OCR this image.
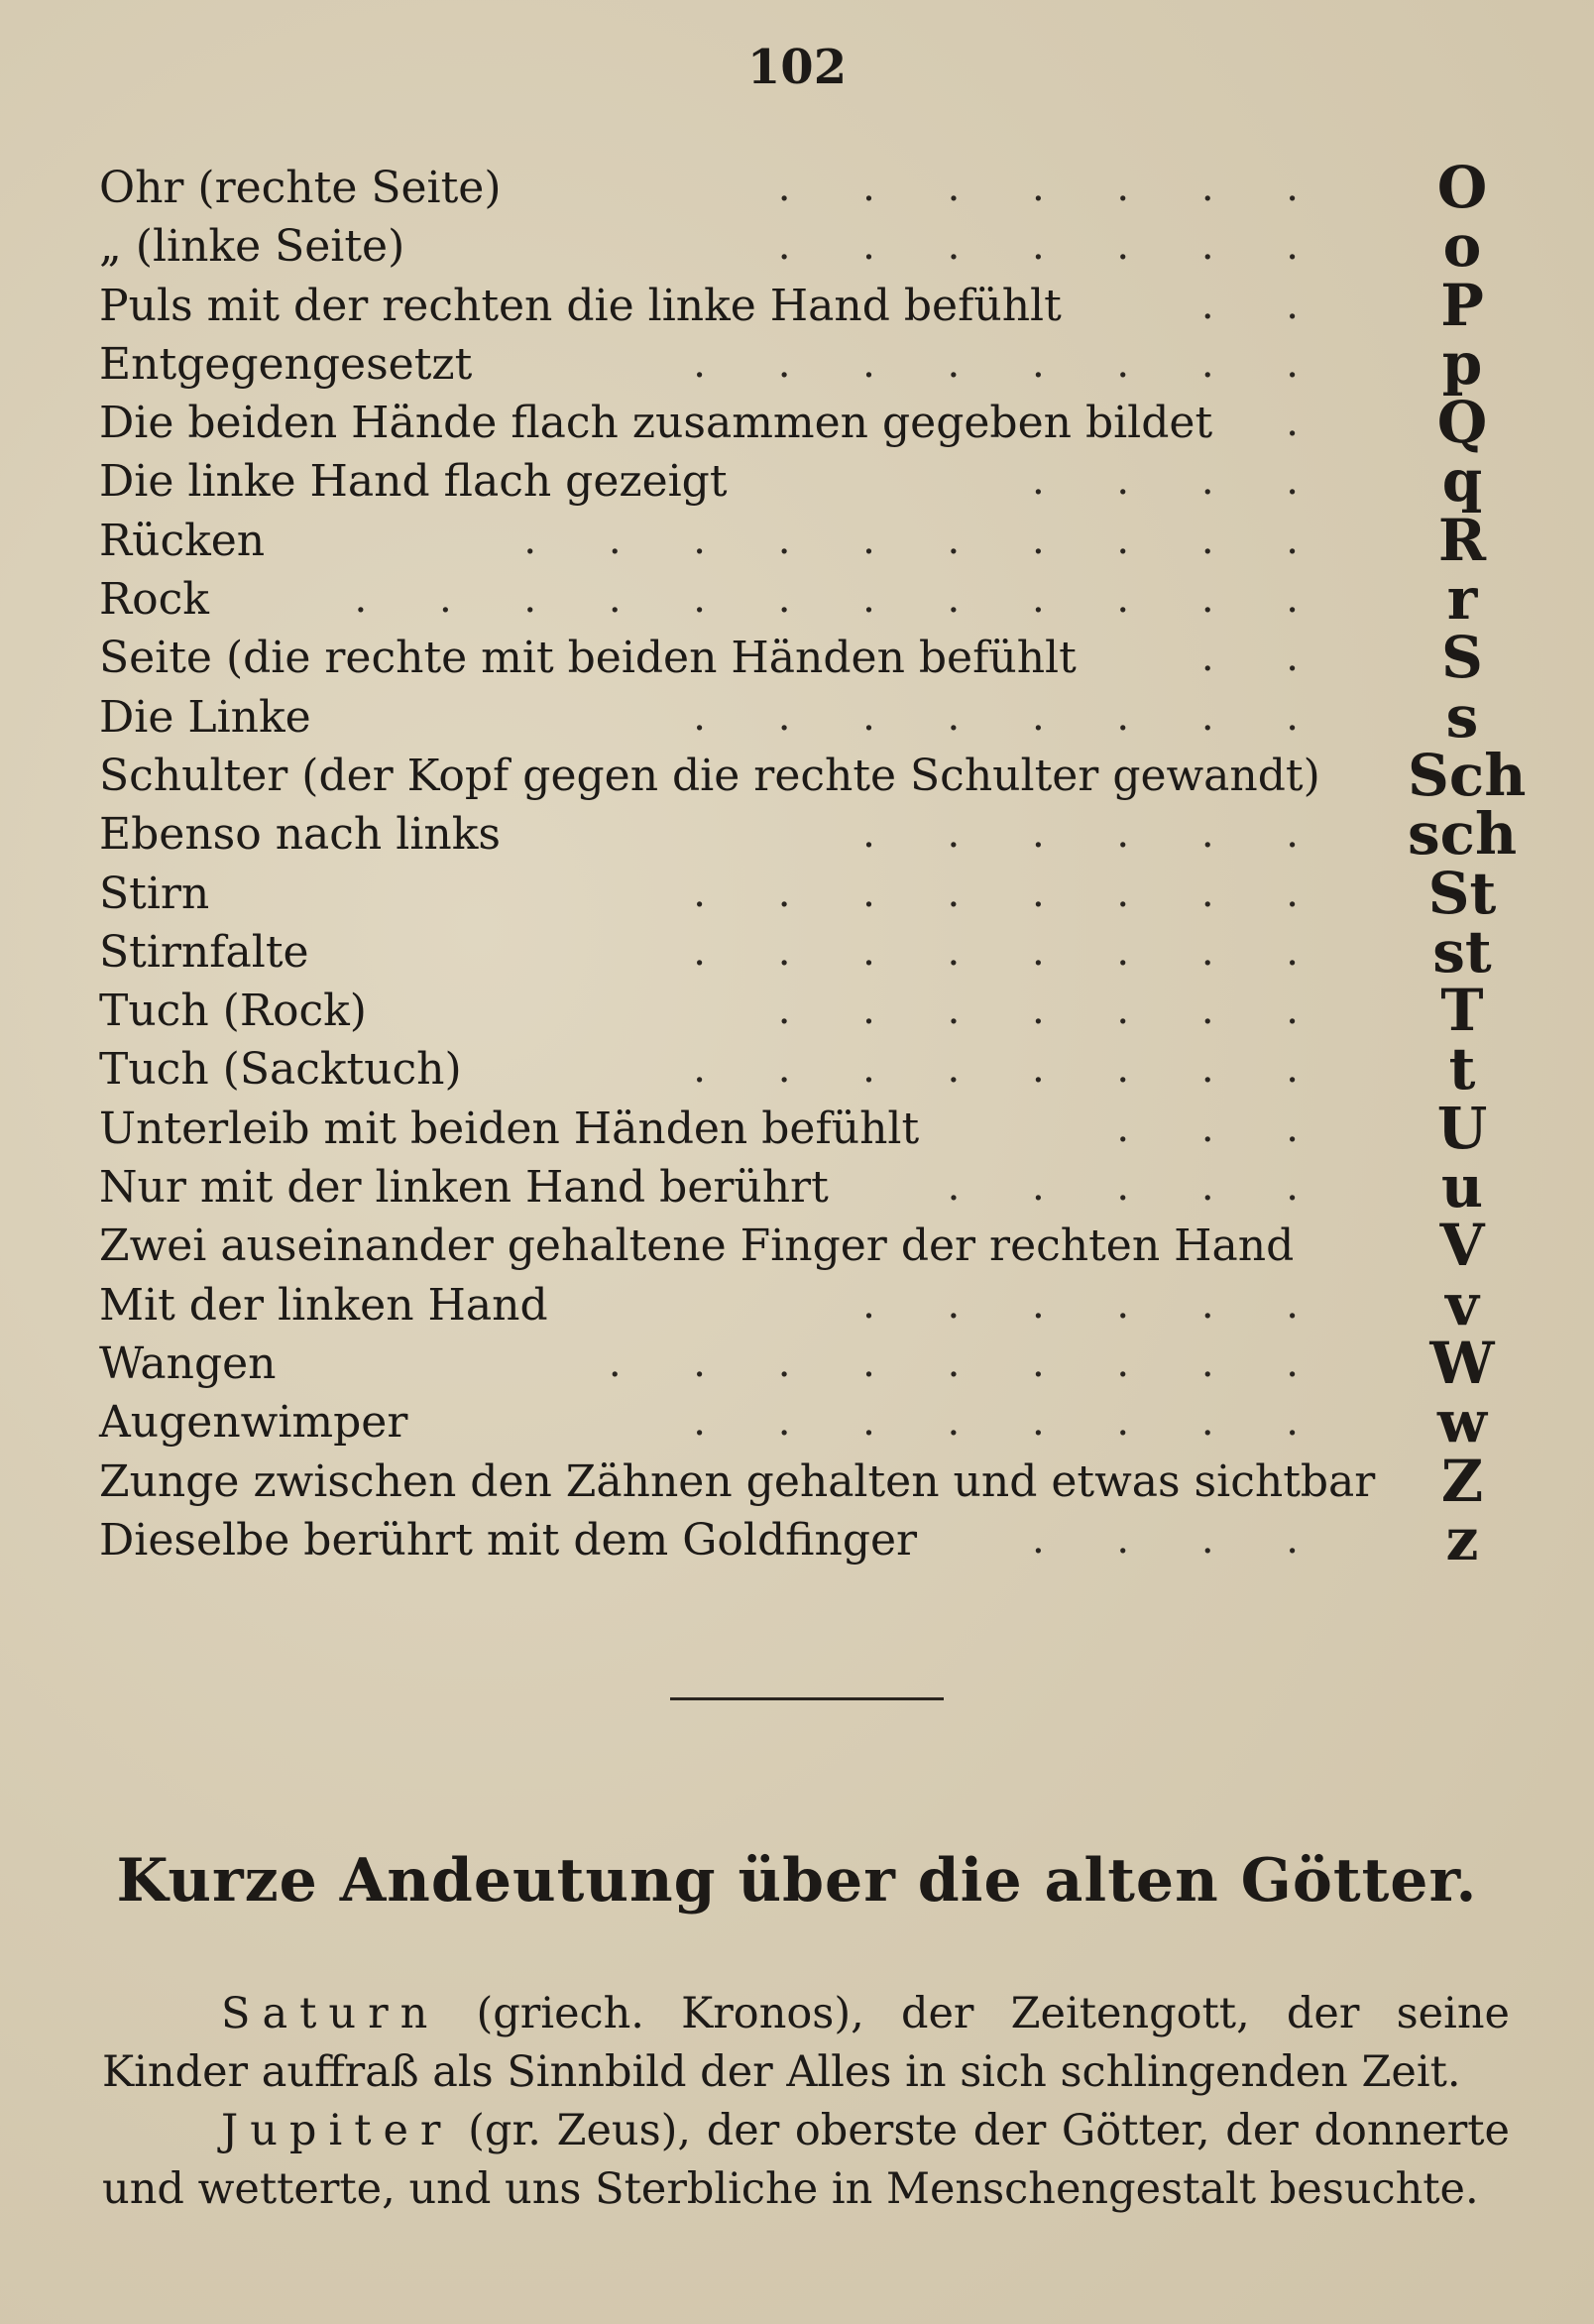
102
Ohr (rechte Seite)	. . . . . . .	O
„ (linke Seite)	. . . . . . .	o
Puls mit der rechten die linke Hand befühlt	. .	P
Entgegengesetzt	. . . . . . . .	p
Die beiden Hände flach zusammen gegeben bildet	.	Q
Die linke Hand flach gezeigt	. . . .	q
Rücken	. . . . . . . . . .	R
Rock	. . . . . . . . . . . .	r
Seite (die rechte mit beiden Händen befühlt	. .	S
Die Linke	. . . . . . . .	s
Schulter (der Kopf gegen die rechte Schulter gewandt) Sch
Ebenso nach links	. . . . . . sch
Stirn	. . . . . . . .	St
Stirnfalte	. . . . . . . .	st
Tuch (Rock)	. . . . . . .	T
Tuch (Sacktuch)	. . . . . . . .	t
Unterleib mit beiden Händen befühlt	. . .	U
Nur mit der linken Hand berührt	. . . . .	u
Zwei auseinander gehaltene Finger der rechten Hand	V
Mit der linken Hand	. . . . . .	v
Wangen	. . . . . . . . .	W
Augenwimper	. . . . . . . .	w
Zunge zwischen den Zähnen gehalten und etwas sichtbar	Z
Dieselbe berührt mit dem Goldfinger	. . . .	z
Kurze Andeutung über die alten Götter.

Saturn (griech. Kronos), der Zeitengott, der seine Kinder auffraß als Sinnbild der Alles in sich schlingenden Zeit.

Jupiter (gr. Zeus), der oberste der Götter, der donnerte und wetterte, und uns Sterbliche in Menschengestalt besuchte.
